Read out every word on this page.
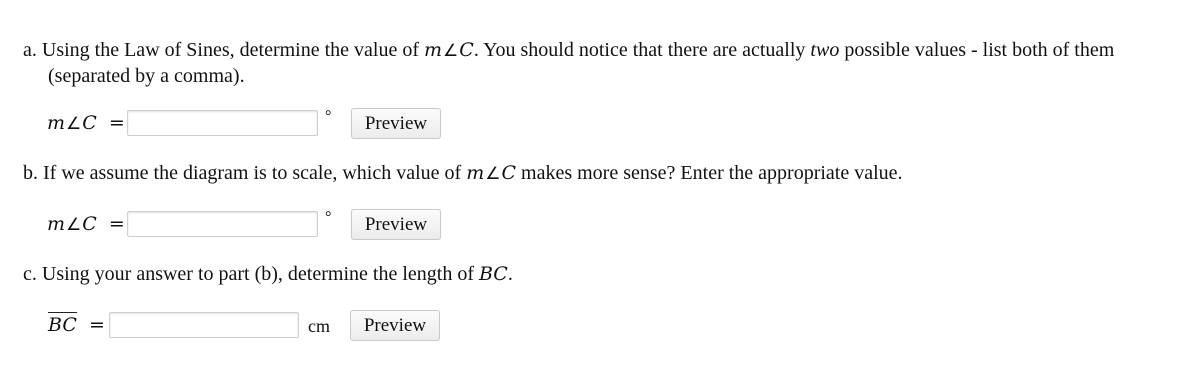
a. Using the Law of Sines, determine the value of m∠C. You should notice that there are actually two possible values - list both of them
(separated by a comma).

m∠C =	°	Preview

b. If we assume the diagram is to scale, which value of m∠C makes more sense? Enter the appropriate value.

m∠C =	°	Preview

c. Using your answer to part (b), determine the length of BC.

BC =	cm	Preview
